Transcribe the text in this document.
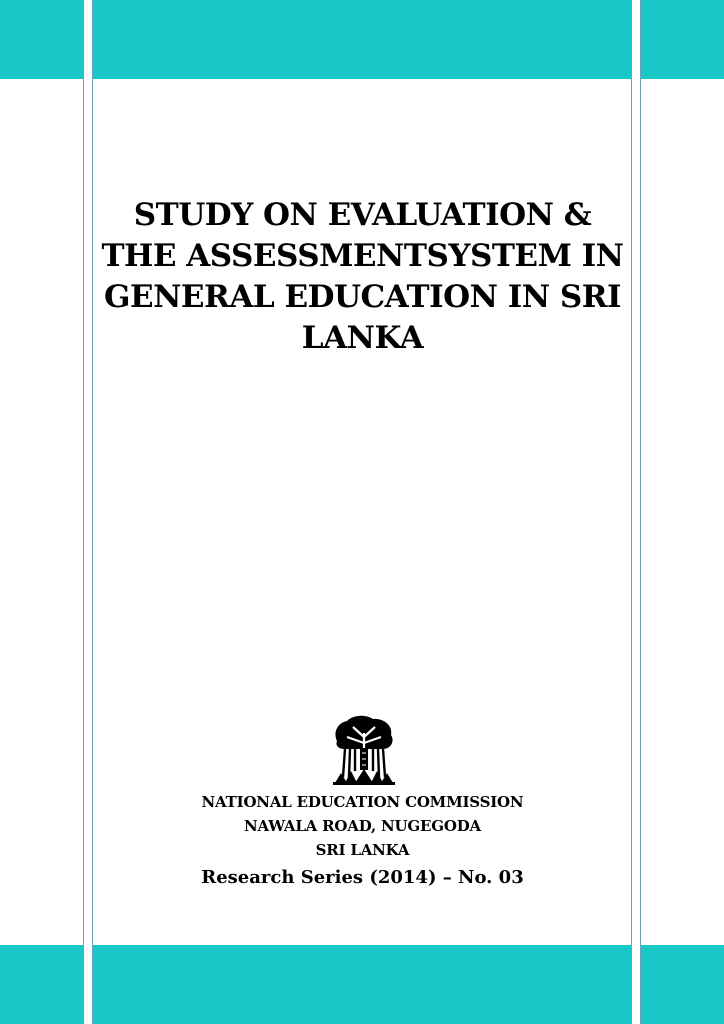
STUDY ON EVALUATION &
THE ASSESSMENTSYSTEM IN
GENERAL EDUCATION IN SRI
LANKA
NATIONAL EDUCATION COMMISSION
NAWALA ROAD, NUGEGODA
SRI LANKA
Research Series (2014) – No. 03
